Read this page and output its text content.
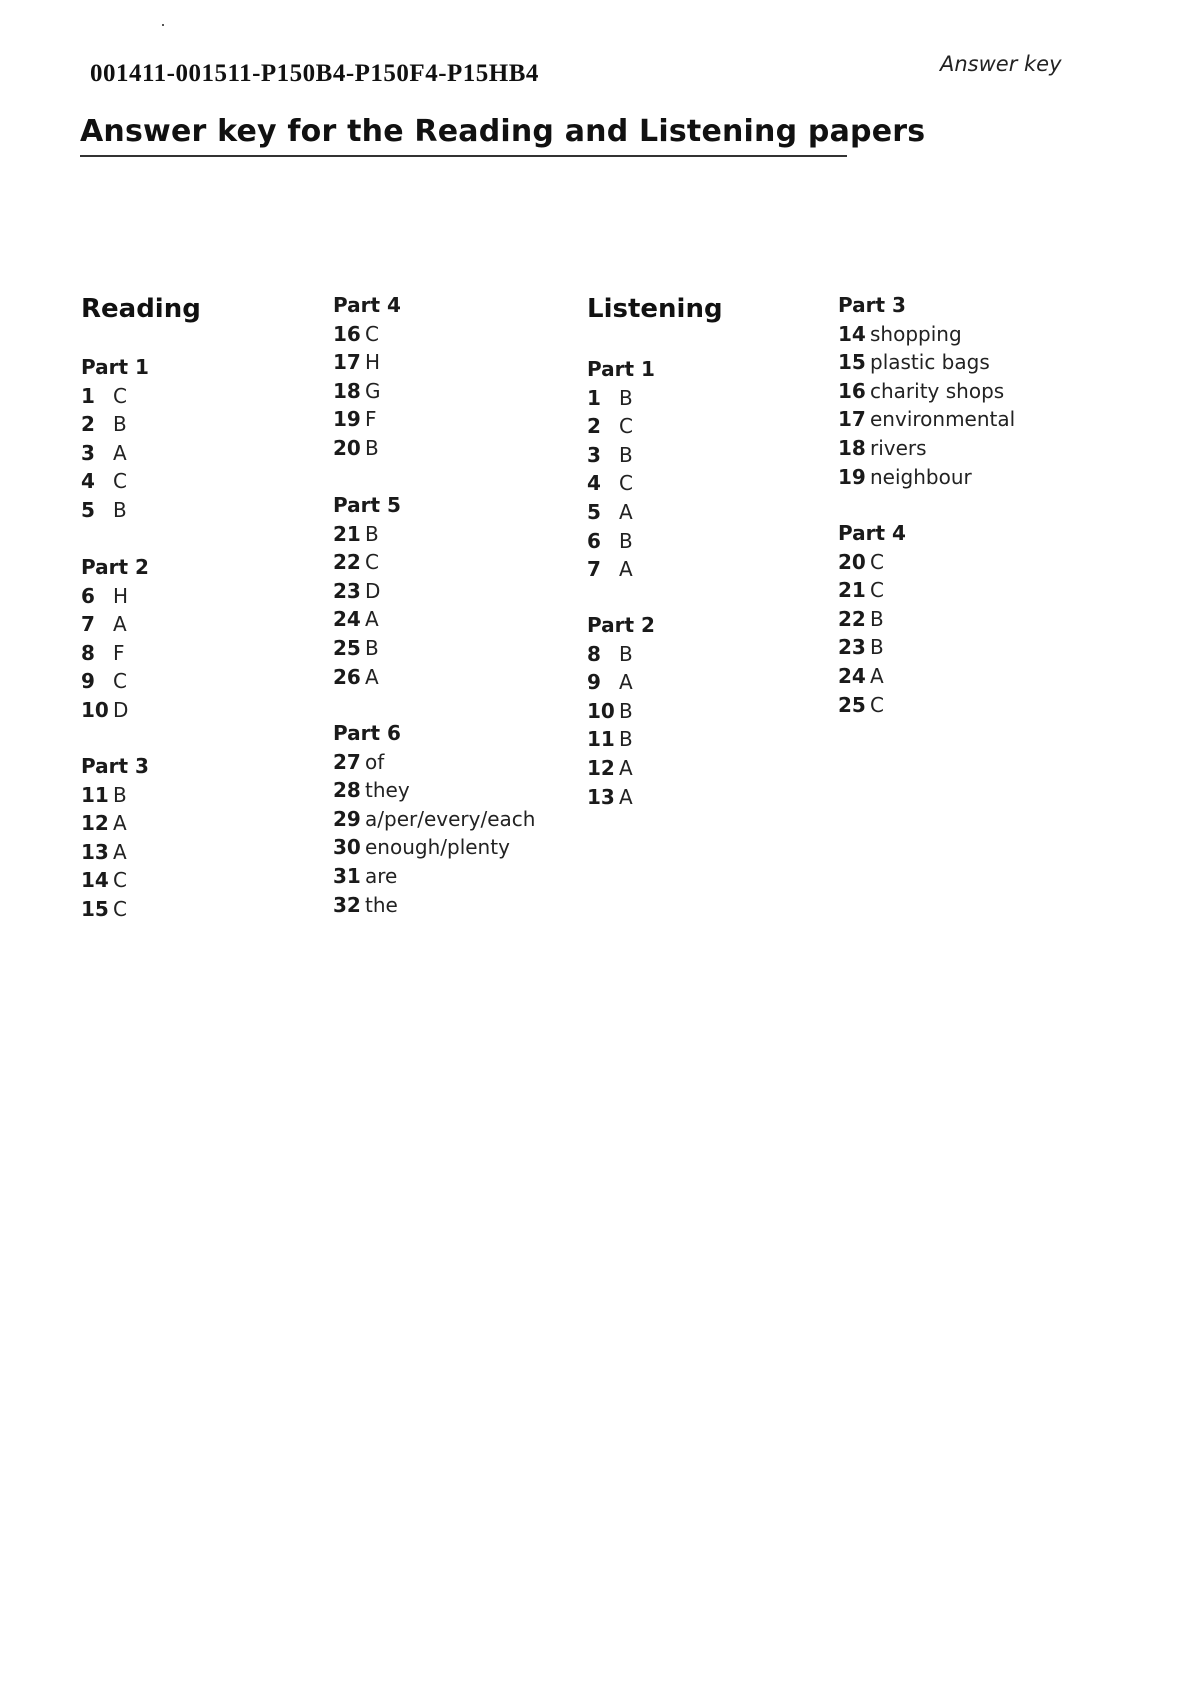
001411-001511-P150B4-P150F4-P15HB4	Answer key
Answer key for the Reading and Listening papers
Reading
Part 1
1 C
2 B
3 A
4 C
5 B
Part 2
6 H
7 A
8 F
9 C
10 D
Part 3
11 B
12 A
13 A
14 C
15 C
Part 4
16 C
17 H
18 G
19 F
20 B
Part 5
21 B
22 C
23 D
24 A
25 B
26 A
Part 6
27 of
28 they
29 a/per/every/each
30 enough/plenty
31 are
32 the
Listening
Part 1
1 B
2 C
3 B
4 C
5 A
6 B
7 A
Part 2
8 B
9 A
10 B
11 B
12 A
13 A
Part 3
14 shopping
15 plastic bags
16 charity shops
17 environmental
18 rivers
19 neighbour
Part 4
20 C
21 C
22 B
23 B
24 A
25 C
